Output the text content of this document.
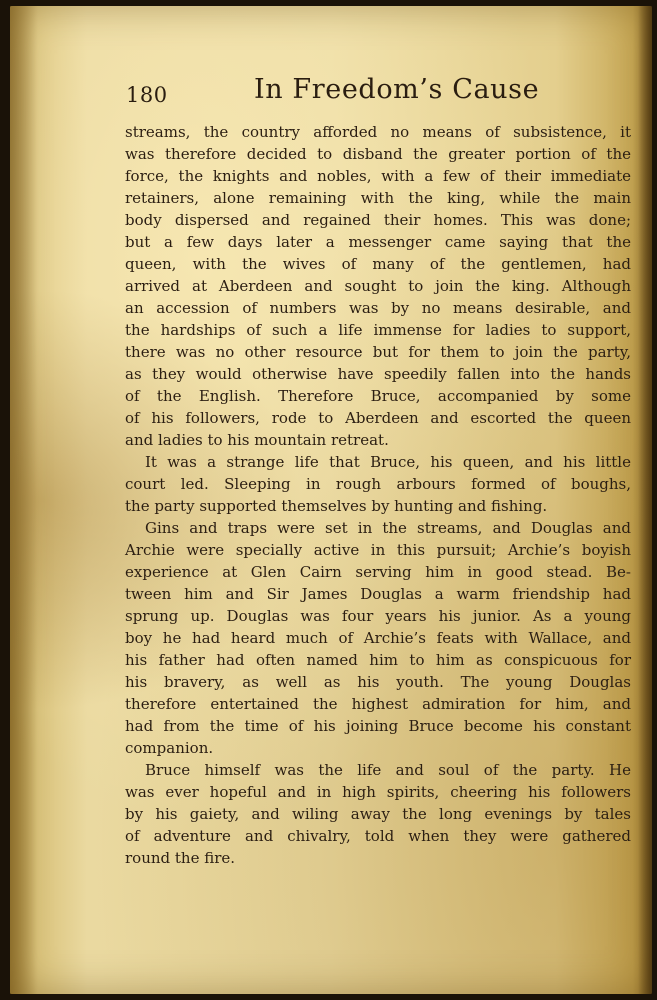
180	In Freedom’s Cause
streams, the country afforded no means of subsistence, it
was therefore decided to disband the greater portion of the
force, the knights and nobles, with a few of their immediate
retainers, alone remaining with the king, while the main
body dispersed and regained their homes. This was done;
but a few days later a messenger came saying that the
queen, with the wives of many of the gentlemen, had
arrived at Aberdeen and sought to join the king. Although
an accession of numbers was by no means desirable, and
the hardships of such a life immense for ladies to support,
there was no other resource but for them to join the party,
as they would otherwise have speedily fallen into the hands
of the English. Therefore Bruce, accompanied by some
of his followers, rode to Aberdeen and escorted the queen
and ladies to his mountain retreat.
It was a strange life that Bruce, his queen, and his little
court led. Sleeping in rough arbours formed of boughs,
the party supported themselves by hunting and fishing.
Gins and traps were set in the streams, and Douglas and
Archie were specially active in this pursuit; Archie’s boyish
experience at Glen Cairn serving him in good stead. Be-
tween him and Sir James Douglas a warm friendship had
sprung up. Douglas was four years his junior. As a young
boy he had heard much of Archie’s feats with Wallace, and
his father had often named him to him as conspicuous for
his bravery, as well as his youth. The young Douglas
therefore entertained the highest admiration for him, and
had from the time of his joining Bruce become his constant
companion.
Bruce himself was the life and soul of the party. He
was ever hopeful and in high spirits, cheering his followers
by his gaiety, and wiling away the long evenings by tales
of adventure and chivalry, told when they were gathered
round the fire.
